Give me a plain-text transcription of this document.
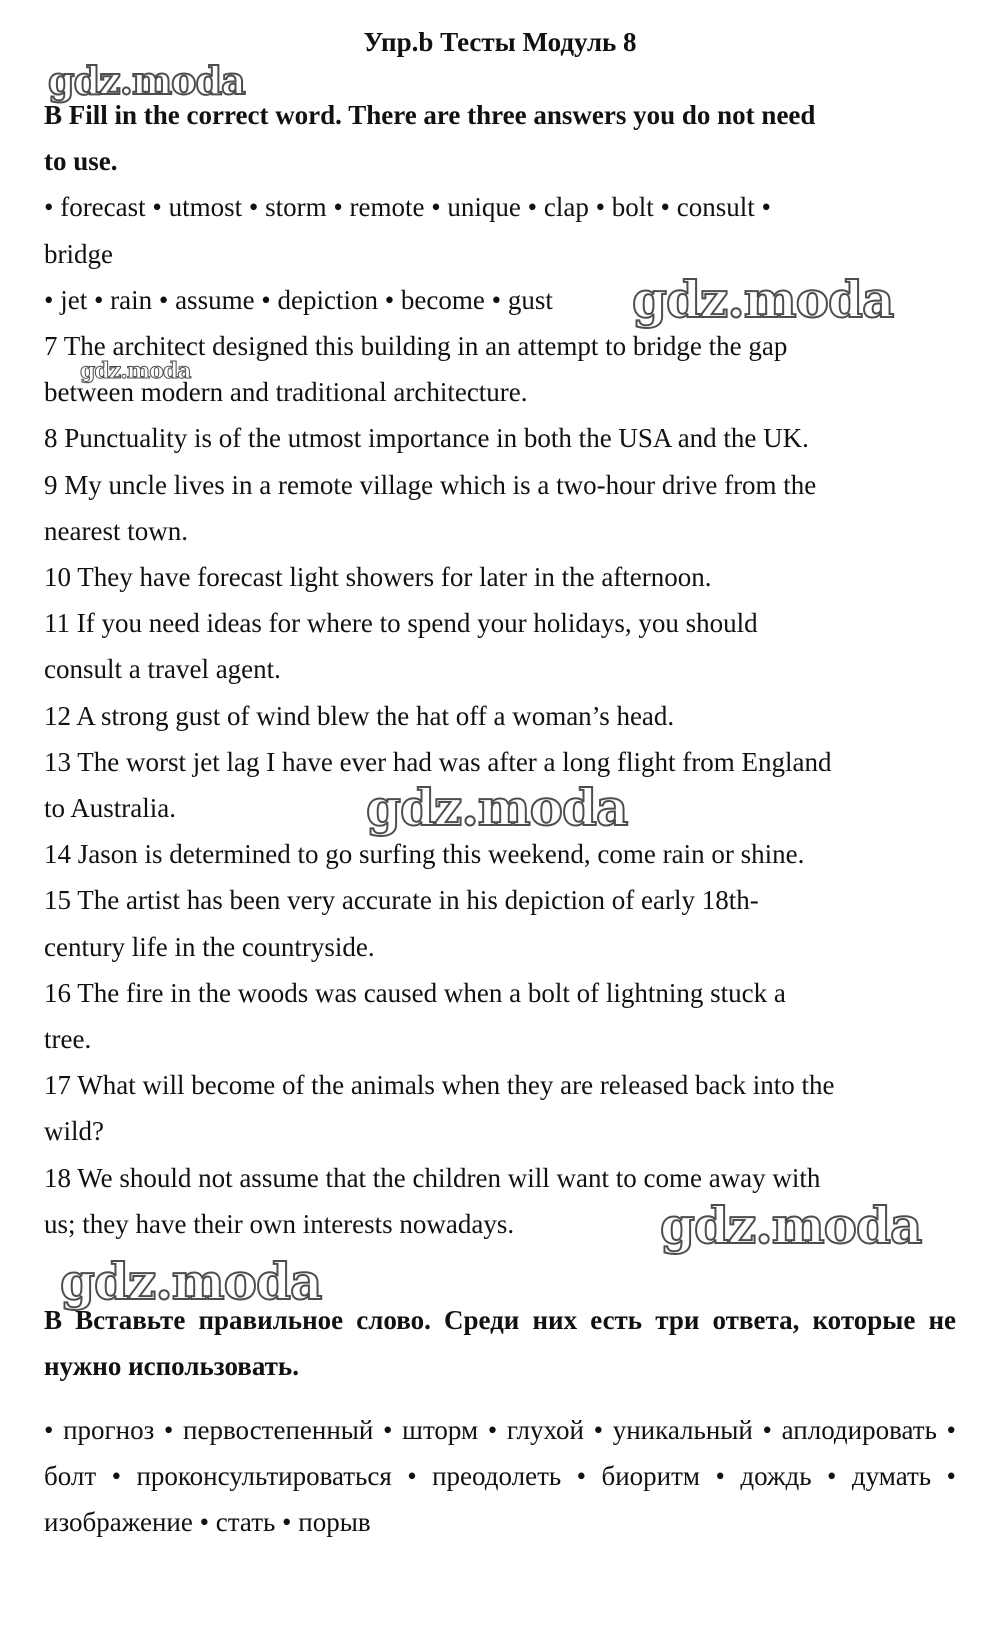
Упр.b Тесты Модуль 8

B Fill in the correct word. There are three answers you do not need

to use.

• forecast • utmost • storm • remote • unique • clap • bolt • consult •

bridge

• jet • rain • assume • depiction • become • gust

7 The architect designed this building in an attempt to bridge the gap

between modern and traditional architecture.

8 Punctuality is of the utmost importance in both the USA and the UK.

9 My uncle lives in a remote village which is a two-hour drive from the

nearest town.

10 They have forecast light showers for later in the afternoon.

11 If you need ideas for where to spend your holidays, you should

consult a travel agent.

12 A strong gust of wind blew the hat off a woman’s head.

13 The worst jet lag I have ever had was after a long flight from England

to Australia.

14 Jason is determined to go surfing this weekend, come rain or shine.

15 The artist has been very accurate in his depiction of early 18th-

century life in the countryside.

16 The fire in the woods was caused when a bolt of lightning stuck a

tree.

17 What will become of the animals when they are released back into the

wild?

18 We should not assume that the children will want to come away with

us; they have their own interests nowadays.

В Вставьте правильное слово. Среди них есть три ответа, которые не нужно использовать.
• прогноз • первостепенный • шторм • глухой • уникальный • аплодировать • болт • проконсультироваться • преодолеть • биоритм • дождь • думать • изображение • стать • порыв
gdz.moda
gdz.moda
gdz.moda
gdz.moda
gdz.moda
gdz.moda
